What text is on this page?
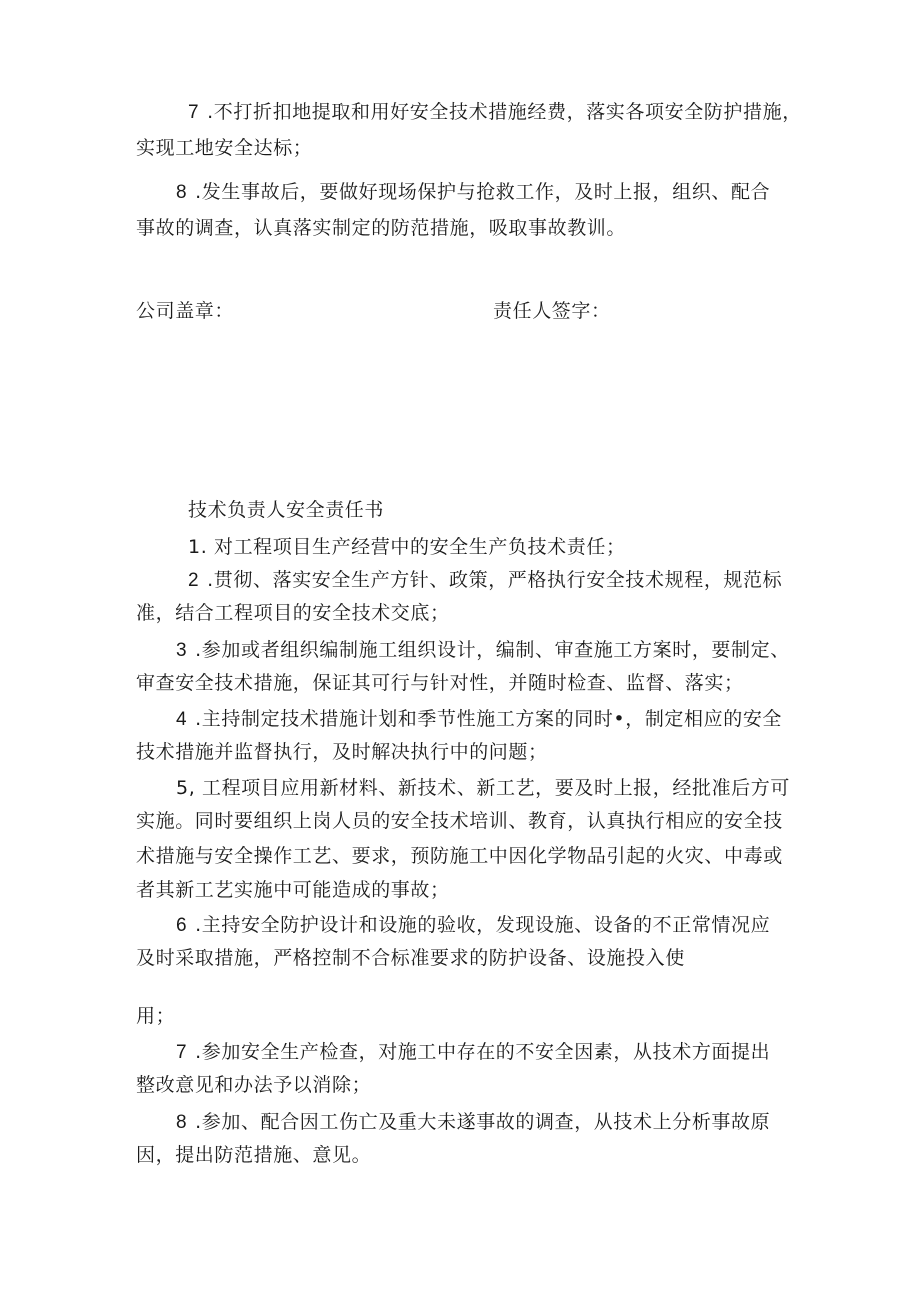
7 .不打折扣地提取和用好安全技术措施经费，落实各项安全防护措施，
实现工地安全达标；
8 .发生事故后，要做好现场保护与抢救工作，及时上报，组织、配合
事故的调查，认真落实制定的防范措施，吸取事故教训。
公司盖章：	责任人签字：
技术负责人安全责任书
1. 对工程项目生产经营中的安全生产负技术责任；
2 .贯彻、落实安全生产方针、政策，严格执行安全技术规程，规范标
准，结合工程项目的安全技术交底；
3 .参加或者组织编制施工组织设计，编制、审查施工方案时，要制定、
审查安全技术措施，保证其可行与针对性，并随时检查、监督、落实；
4 .主持制定技术措施计划和季节性施工方案的同时•，制定相应的安全
技术措施并监督执行，及时解决执行中的问题；
5, 工程项目应用新材料、新技术、新工艺，要及时上报，经批准后方可
实施。同时要组织上岗人员的安全技术培训、教育，认真执行相应的安全技
术措施与安全操作工艺、要求，预防施工中因化学物品引起的火灾、中毒或
者其新工艺实施中可能造成的事故；
6 .主持安全防护设计和设施的验收，发现设施、设备的不正常情况应
及时采取措施，严格控制不合标准要求的防护设备、设施投入使
用；
7 .参加安全生产检查，对施工中存在的不安全因素，从技术方面提出
整改意见和办法予以消除；
8 .参加、配合因工伤亡及重大未遂事故的调查，从技术上分析事故原
因，提出防范措施、意见。
